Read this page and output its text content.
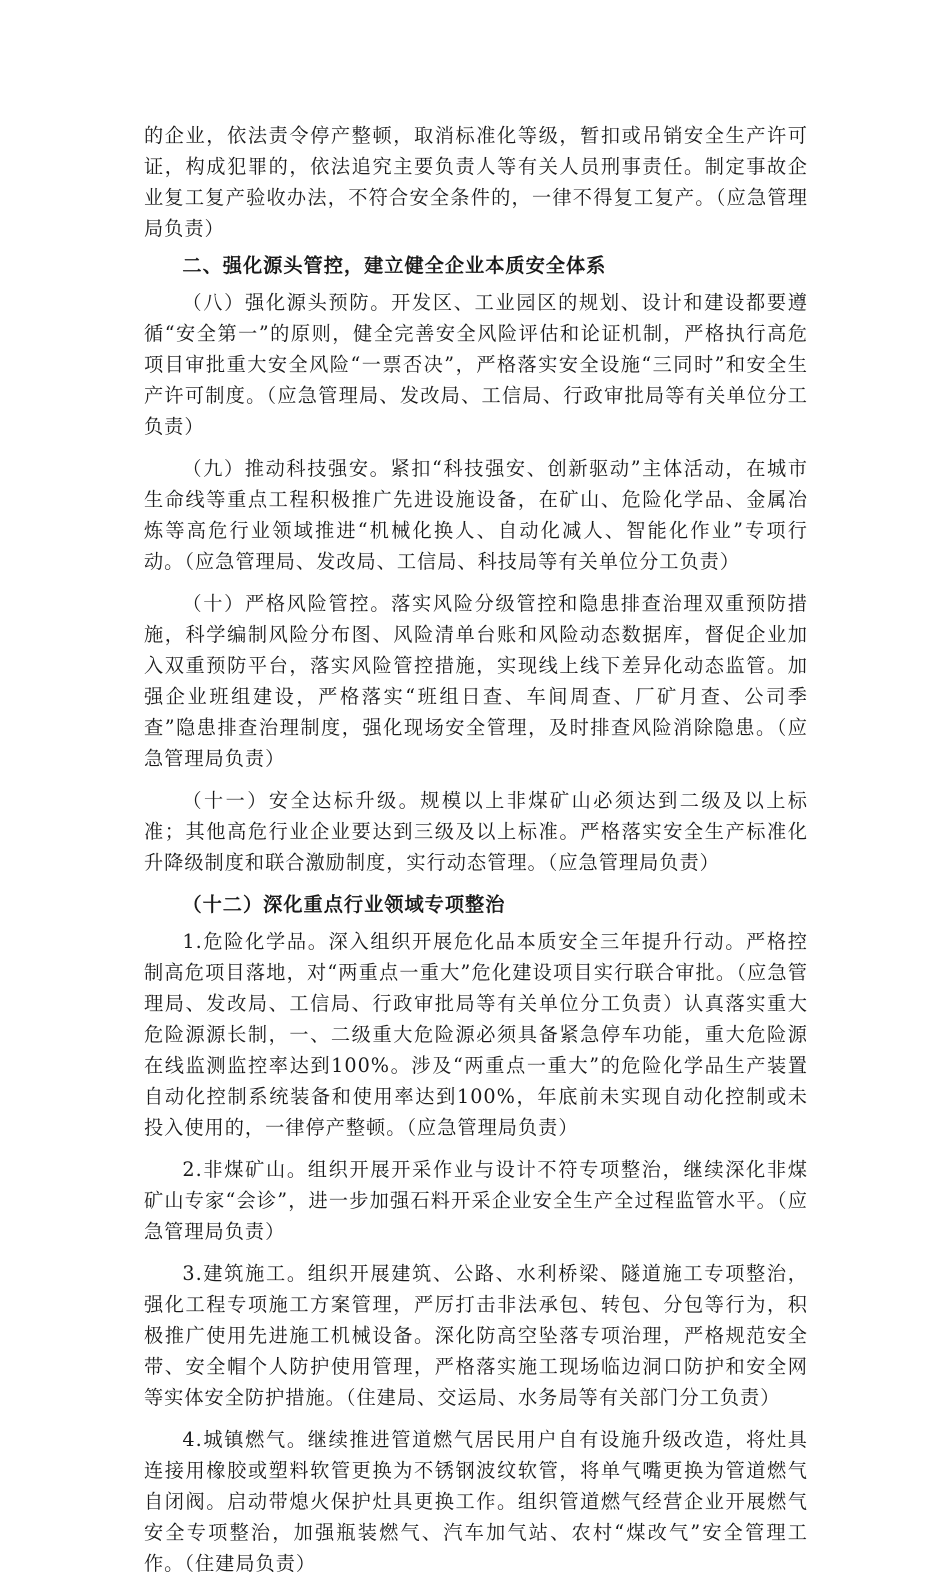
的企业，依法责令停产整顿，取消标准化等级，暂扣或吊销安全生产许可证，构成犯罪的，依法追究主要负责人等有关人员刑事责任。制定事故企业复工复产验收办法，不符合安全条件的，一律不得复工复产。（应急管理局负责）

二、强化源头管控，建立健全企业本质安全体系

（八）强化源头预防。开发区、工业园区的规划、设计和建设都要遵循“安全第一”的原则，健全完善安全风险评估和论证机制，严格执行高危项目审批重大安全风险“一票否决”，严格落实安全设施“三同时”和安全生产许可制度。（应急管理局、发改局、工信局、行政审批局等有关单位分工负责）

（九）推动科技强安。紧扣“科技强安、创新驱动”主体活动，在城市生命线等重点工程积极推广先进设施设备，在矿山、危险化学品、金属冶炼等高危行业领域推进“机械化换人、自动化减人、智能化作业”专项行动。（应急管理局、发改局、工信局、科技局等有关单位分工负责）

（十）严格风险管控。落实风险分级管控和隐患排查治理双重预防措施，科学编制风险分布图、风险清单台账和风险动态数据库，督促企业加入双重预防平台，落实风险管控措施，实现线上线下差异化动态监管。加强企业班组建设，严格落实“班组日查、车间周查、厂矿月查、公司季查”隐患排查治理制度，强化现场安全管理，及时排查风险消除隐患。（应急管理局负责）

（十一）安全达标升级。规模以上非煤矿山必须达到二级及以上标准；其他高危行业企业要达到三级及以上标准。严格落实安全生产标准化升降级制度和联合激励制度，实行动态管理。（应急管理局负责）

（十二）深化重点行业领域专项整治

1.危险化学品。深入组织开展危化品本质安全三年提升行动。严格控制高危项目落地，对“两重点一重大”危化建设项目实行联合审批。（应急管理局、发改局、工信局、行政审批局等有关单位分工负责）认真落实重大危险源源长制，一、二级重大危险源必须具备紧急停车功能，重大危险源在线监测监控率达到100%。涉及“两重点一重大”的危险化学品生产装置自动化控制系统装备和使用率达到100%，年底前未实现自动化控制或未投入使用的，一律停产整顿。（应急管理局负责）

2.非煤矿山。组织开展开采作业与设计不符专项整治，继续深化非煤矿山专家“会诊”，进一步加强石料开采企业安全生产全过程监管水平。（应急管理局负责）

3.建筑施工。组织开展建筑、公路、水利桥梁、隧道施工专项整治，强化工程专项施工方案管理，严厉打击非法承包、转包、分包等行为，积极推广使用先进施工机械设备。深化防高空坠落专项治理，严格规范安全带、安全帽个人防护使用管理，严格落实施工现场临边洞口防护和安全网等实体安全防护措施。（住建局、交运局、水务局等有关部门分工负责）

4.城镇燃气。继续推进管道燃气居民用户自有设施升级改造，将灶具连接用橡胶或塑料软管更换为不锈钢波纹软管，将单气嘴更换为管道燃气自闭阀。启动带熄火保护灶具更换工作。组织管道燃气经营企业开展燃气安全专项整治，加强瓶装燃气、汽车加气站、农村“煤改气”安全管理工作。（住建局负责）
